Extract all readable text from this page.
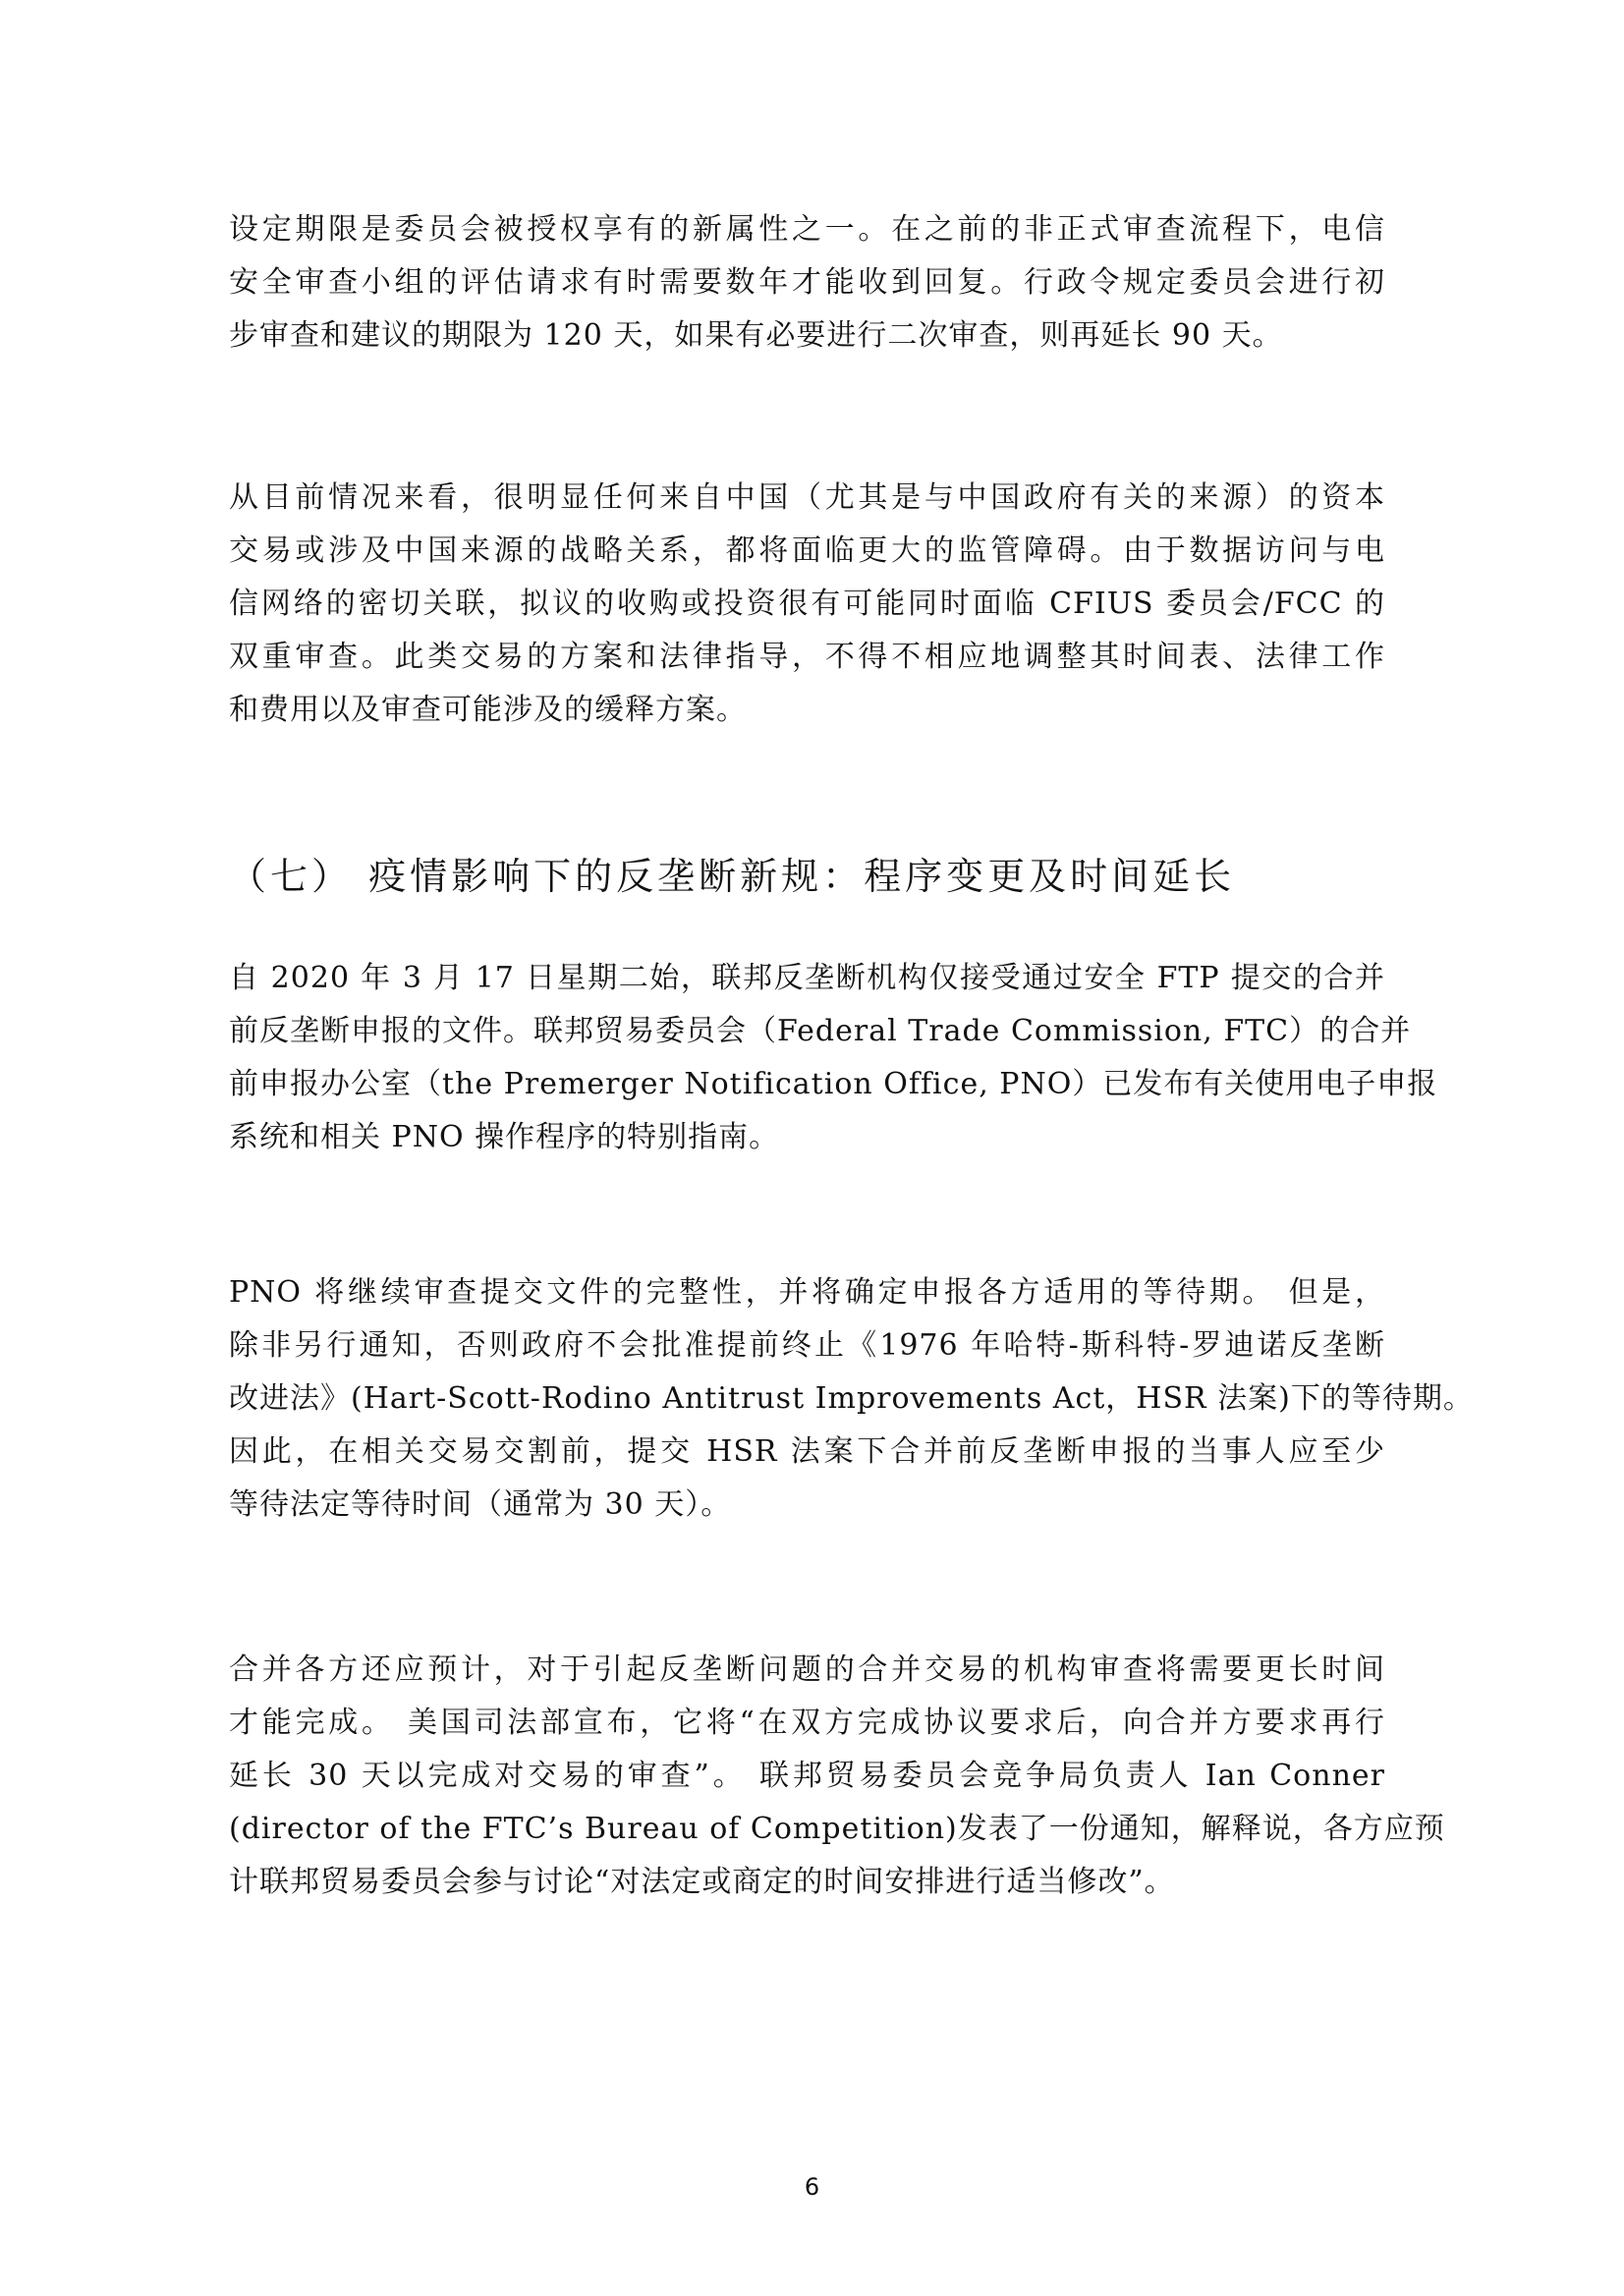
设定期限是委员会被授权享有的新属性之一。在之前的非正式审查流程下，电信
安全审查小组的评估请求有时需要数年才能收到回复。行政令规定委员会进行初
步审查和建议的期限为 120 天，如果有必要进行二次审查，则再延长 90 天。
从目前情况来看，很明显任何来自中国（尤其是与中国政府有关的来源）的资本
交易或涉及中国来源的战略关系，都将面临更大的监管障碍。由于数据访问与电
信网络的密切关联，拟议的收购或投资很有可能同时面临 CFIUS 委员会/FCC 的
双重审查。此类交易的方案和法律指导，不得不相应地调整其时间表、法律工作
和费用以及审查可能涉及的缓释方案。
（七） 疫情影响下的反垄断新规：程序变更及时间延长
自 2020 年 3 月 17 日星期二始，联邦反垄断机构仅接受通过安全 FTP 提交的合并
前反垄断申报的文件。联邦贸易委员会（Federal Trade Commission, FTC）的合并
前申报办公室（the Premerger Notification Office, PNO）已发布有关使用电子申报
系统和相关 PNO 操作程序的特别指南。
PNO 将继续审查提交文件的完整性，并将确定申报各方适用的等待期。 但是，
除非另行通知，否则政府不会批准提前终止《1976 年哈特-斯科特-罗迪诺反垄断
改进法》(Hart-Scott-Rodino Antitrust Improvements Act，HSR 法案)下的等待期。
因此，在相关交易交割前，提交 HSR 法案下合并前反垄断申报的当事人应至少
等待法定等待时间（通常为 30 天）。
合并各方还应预计，对于引起反垄断问题的合并交易的机构审查将需要更长时间
才能完成。 美国司法部宣布，它将“在双方完成协议要求后，向合并方要求再行
延长 30 天以完成对交易的审查”。 联邦贸易委员会竞争局负责人 Ian Conner
(director of the FTC’s Bureau of Competition)发表了一份通知，解释说，各方应预
计联邦贸易委员会参与讨论“对法定或商定的时间安排进行适当修改”。
6
